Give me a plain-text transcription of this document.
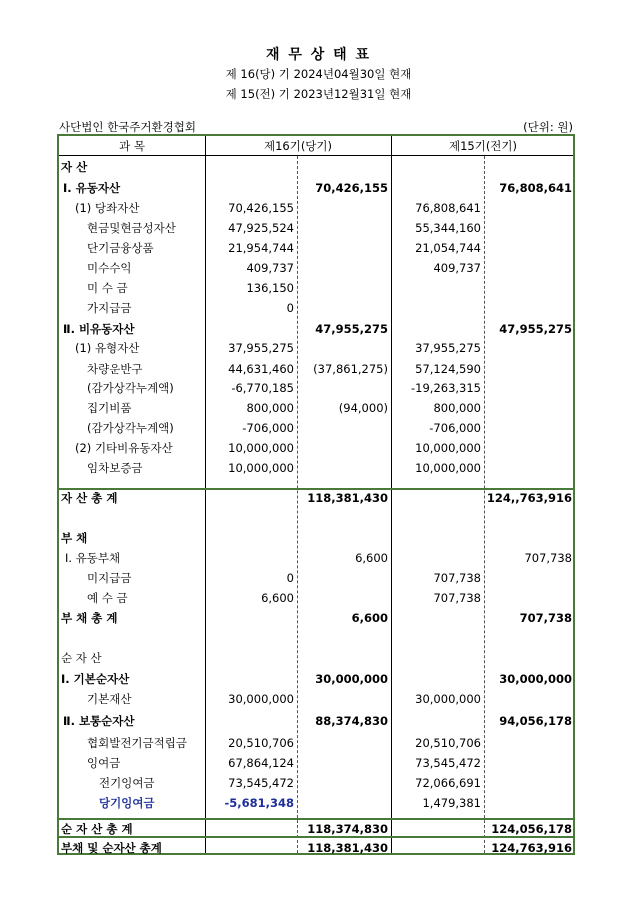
재 무 상 태 표
제 16(당) 기 2024년04월30일 현재
제 15(전) 기 2023년12월31일 현재
사단법인 한국주거환경협회	(단위: 원)
과 목	제16기(당기)	제15기(전기)
자 산
Ⅰ. 유동자산	70,426,155	76,808,641
(1) 당좌자산	70,426,155	76,808,641
현금및현금성자산	47,925,524	55,344,160
단기금융상품	21,954,744	21,054,744
미수수익	409,737	409,737
미 수 금	136,150
가지급금	0
Ⅱ. 비유동자산	47,955,275	47,955,275
(1) 유형자산	37,955,275	37,955,275
차량운반구	44,631,460	(37,861,275)	57,124,590
(감가상각누계액)	-6,770,185	-19,263,315
집기비품	800,000	(94,000)	800,000
(감가상각누계액)	-706,000	-706,000
(2) 기타비유동자산	10,000,000	10,000,000
임차보증금	10,000,000	10,000,000
자 산 총 계	118,381,430	124,,763,916
부 채
Ⅰ. 유동부채	6,600	707,738
미지급금	0	707,738
예 수 금	6,600	707,738
부 채 총 계	6,600	707,738
순 자 산
Ⅰ. 기본순자산	30,000,000	30,000,000
기본재산	30,000,000	30,000,000
Ⅱ. 보통순자산	88,374,830	94,056,178
협회발전기금적립금	20,510,706	20,510,706
잉여금	67,864,124	73,545,472
전기잉여금	73,545,472	72,066,691
당기잉여금	-5,681,348	1,479,381
순 자 산 총 계	118,374,830	124,056,178
부채 및 순자산 총계	118,381,430	124,763,916
